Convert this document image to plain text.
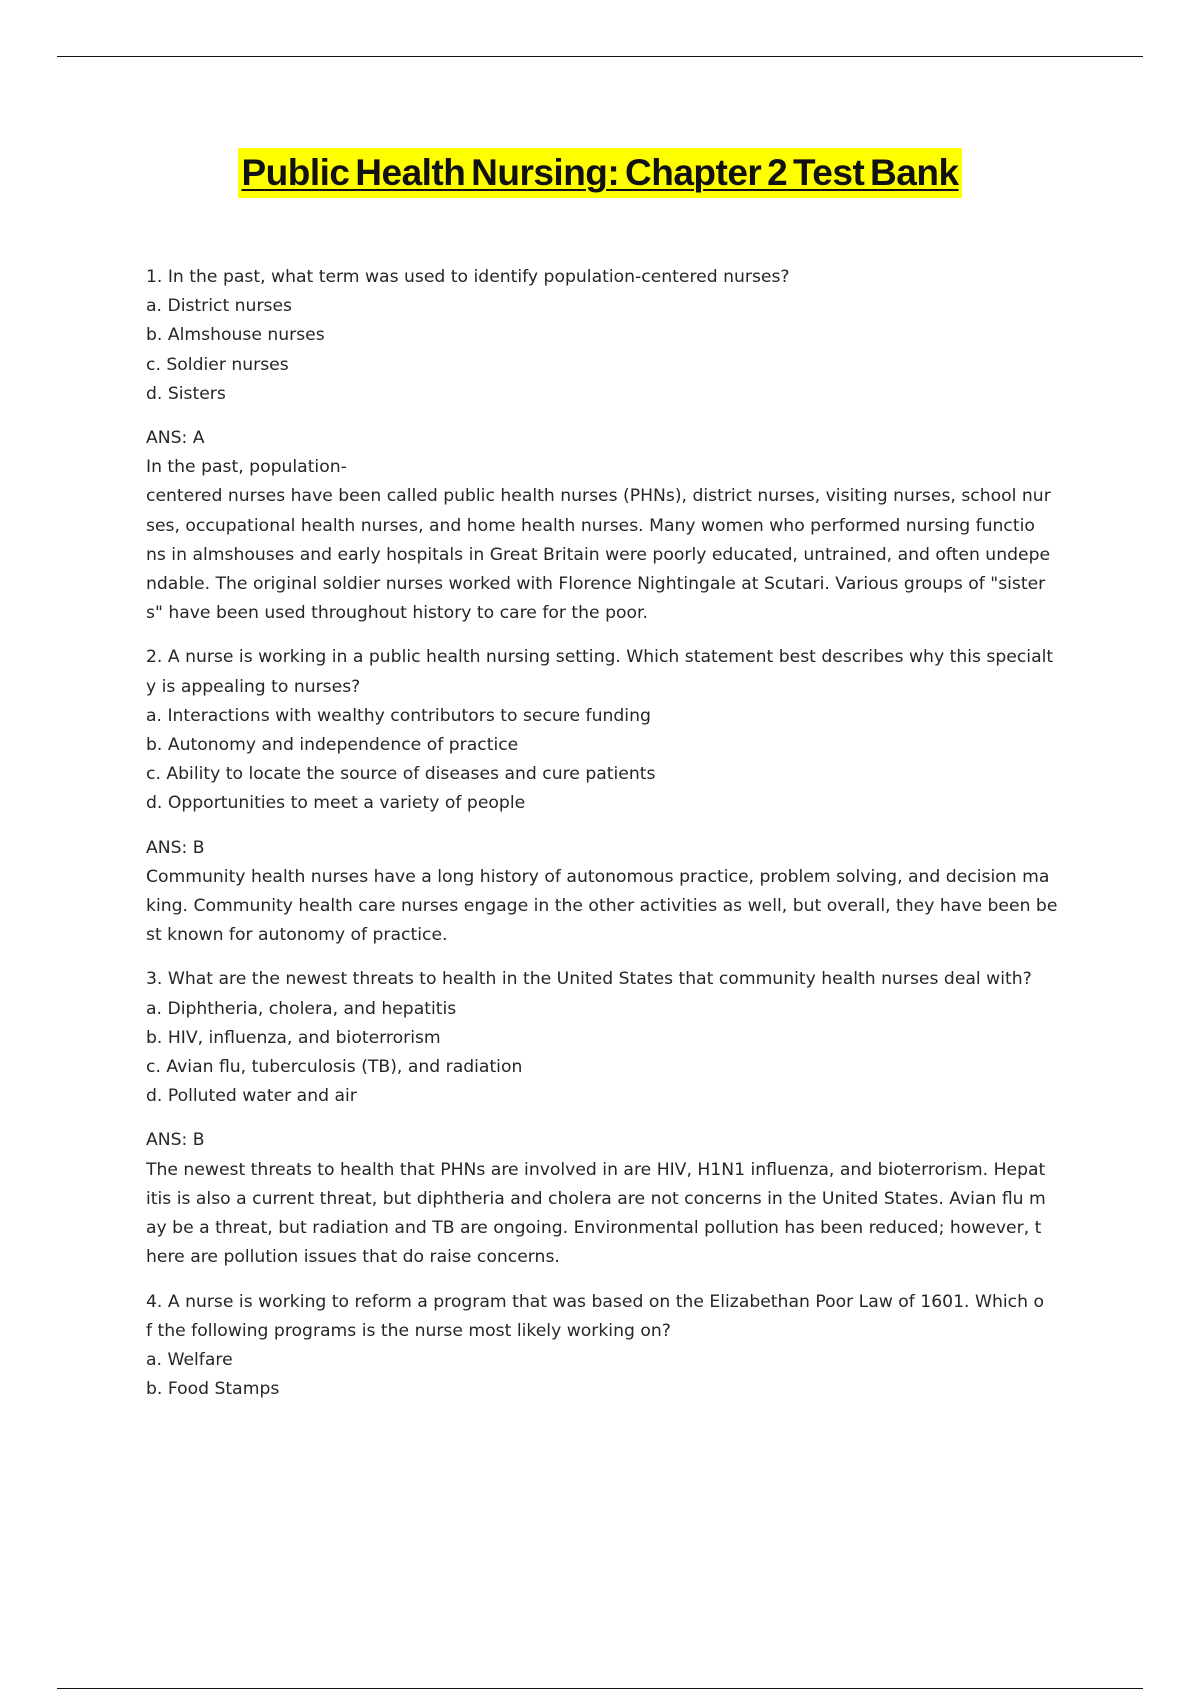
Public Health Nursing: Chapter 2 Test Bank
1. In the past, what term was used to identify population-centered nurses?
a. District nurses
b. Almshouse nurses
c. Soldier nurses
d. Sisters
ANS: A
In the past, population-
centered nurses have been called public health nurses (PHNs), district nurses, visiting nurses, school nur
ses, occupational health nurses, and home health nurses. Many women who performed nursing functio
ns in almshouses and early hospitals in Great Britain were poorly educated, untrained, and often undepe
ndable. The original soldier nurses worked with Florence Nightingale at Scutari. Various groups of "sister
s" have been used throughout history to care for the poor.
2. A nurse is working in a public health nursing setting. Which statement best describes why this specialt
y is appealing to nurses?
a. Interactions with wealthy contributors to secure funding
b. Autonomy and independence of practice
c. Ability to locate the source of diseases and cure patients
d. Opportunities to meet a variety of people
ANS: B
Community health nurses have a long history of autonomous practice, problem solving, and decision ma
king. Community health care nurses engage in the other activities as well, but overall, they have been be
st known for autonomy of practice.
3. What are the newest threats to health in the United States that community health nurses deal with?
a. Diphtheria, cholera, and hepatitis
b. HIV, influenza, and bioterrorism
c. Avian flu, tuberculosis (TB), and radiation
d. Polluted water and air
ANS: B
The newest threats to health that PHNs are involved in are HIV, H1N1 influenza, and bioterrorism. Hepat
itis is also a current threat, but diphtheria and cholera are not concerns in the United States. Avian flu m
ay be a threat, but radiation and TB are ongoing. Environmental pollution has been reduced; however, t
here are pollution issues that do raise concerns.
4. A nurse is working to reform a program that was based on the Elizabethan Poor Law of 1601. Which o
f the following programs is the nurse most likely working on?
a. Welfare
b. Food Stamps
